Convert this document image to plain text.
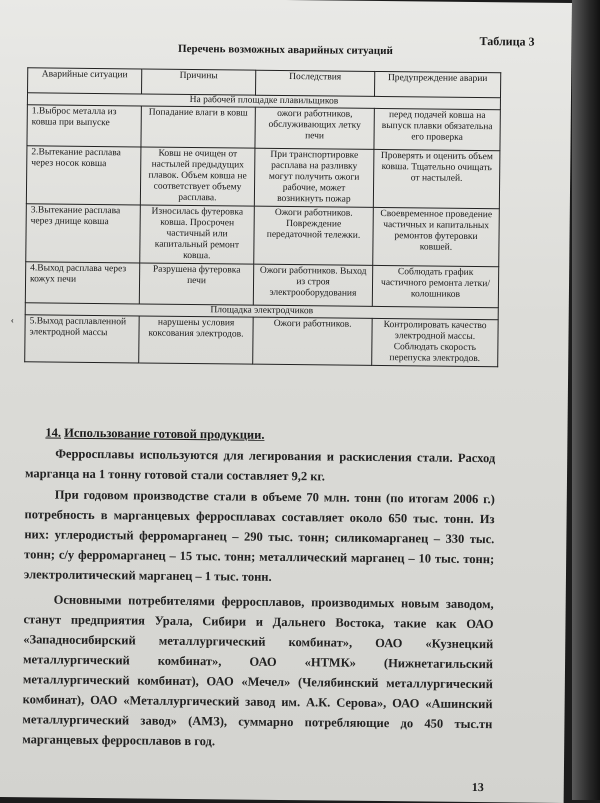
Таблица 3
Перечень возможных аварийных ситуаций
Аварийные ситуации	Причины	Последствия	Предупреждение аварии
На рабочей площадке плавильщиков			
1.Выброс металла из ковша при выпуске	Попадание влаги в ковш	ожоги работников, обслуживающих летку печи	перед подачей ковша на выпуск плавки обязательна его проверка
2.Вытекание расплава через носок ковша	Ковш не очищен от настылей предыдущих плавок. Объем ковша не соответствует объему расплава.	При транспортировке расплава на разливку могут получить ожоги рабочие, может возникнуть пожар	Проверять и оценить объем ковша. Тщательно очищать от настылей.
3.Вытекание расплава через днище ковша	Износилась футеровка ковша. Просрочен частичный или капитальный ремонт ковша.	Ожоги работников. Повреждение передаточной тележки.	Своевременное проведение частичных и капитальных ремонтов футеровки ковшей.
4.Выход расплава через кожух печи	Разрушена футеровка печи	Ожоги работников. Выход из строя электрооборудования	Соблюдать график частичного ремонта летки/колошников
Площадка электродчиков			
5.Выход расплавленной электродной массы	нарушены условия коксования электродов.	Ожоги работников.	Контролировать качество электродной массы. Соблюдать скорость перепуска электродов.
‹
14. Использование готовой продукции.
Ферросплавы используются для легирования и раскисления стали. Расход марганца на 1 тонну готовой стали составляет 9,2 кг.
При годовом производстве стали в объеме 70 млн. тонн (по итогам 2006 г.) потребность в марганцевых ферросплавах составляет около 650 тыс. тонн. Из них: углеродистый ферромарганец – 290 тыс. тонн; силикомарганец – 330 тыс. тонн; с/у ферромарганец – 15 тыс. тонн; металлический марганец – 10 тыс. тонн; электролитический марганец – 1 тыс. тонн.
Основными потребителями ферросплавов, производимых новым заводом, станут предприятия Урала, Сибири и Дальнего Востока, такие как ОАО «Западносибирский металлургический комбинат», ОАО «Кузнецкий металлургический комбинат», ОАО «НТМК» (Нижнетагильский металлургический комбинат), ОАО «Мечел» (Челябинский металлургический комбинат), ОАО «Металлургический завод им. А.К. Серова», ОАО «Ашинский металлургический завод» (АМЗ), суммарно потребляющие до 450 тыс.тн марганцевых ферросплавов в год.
13
